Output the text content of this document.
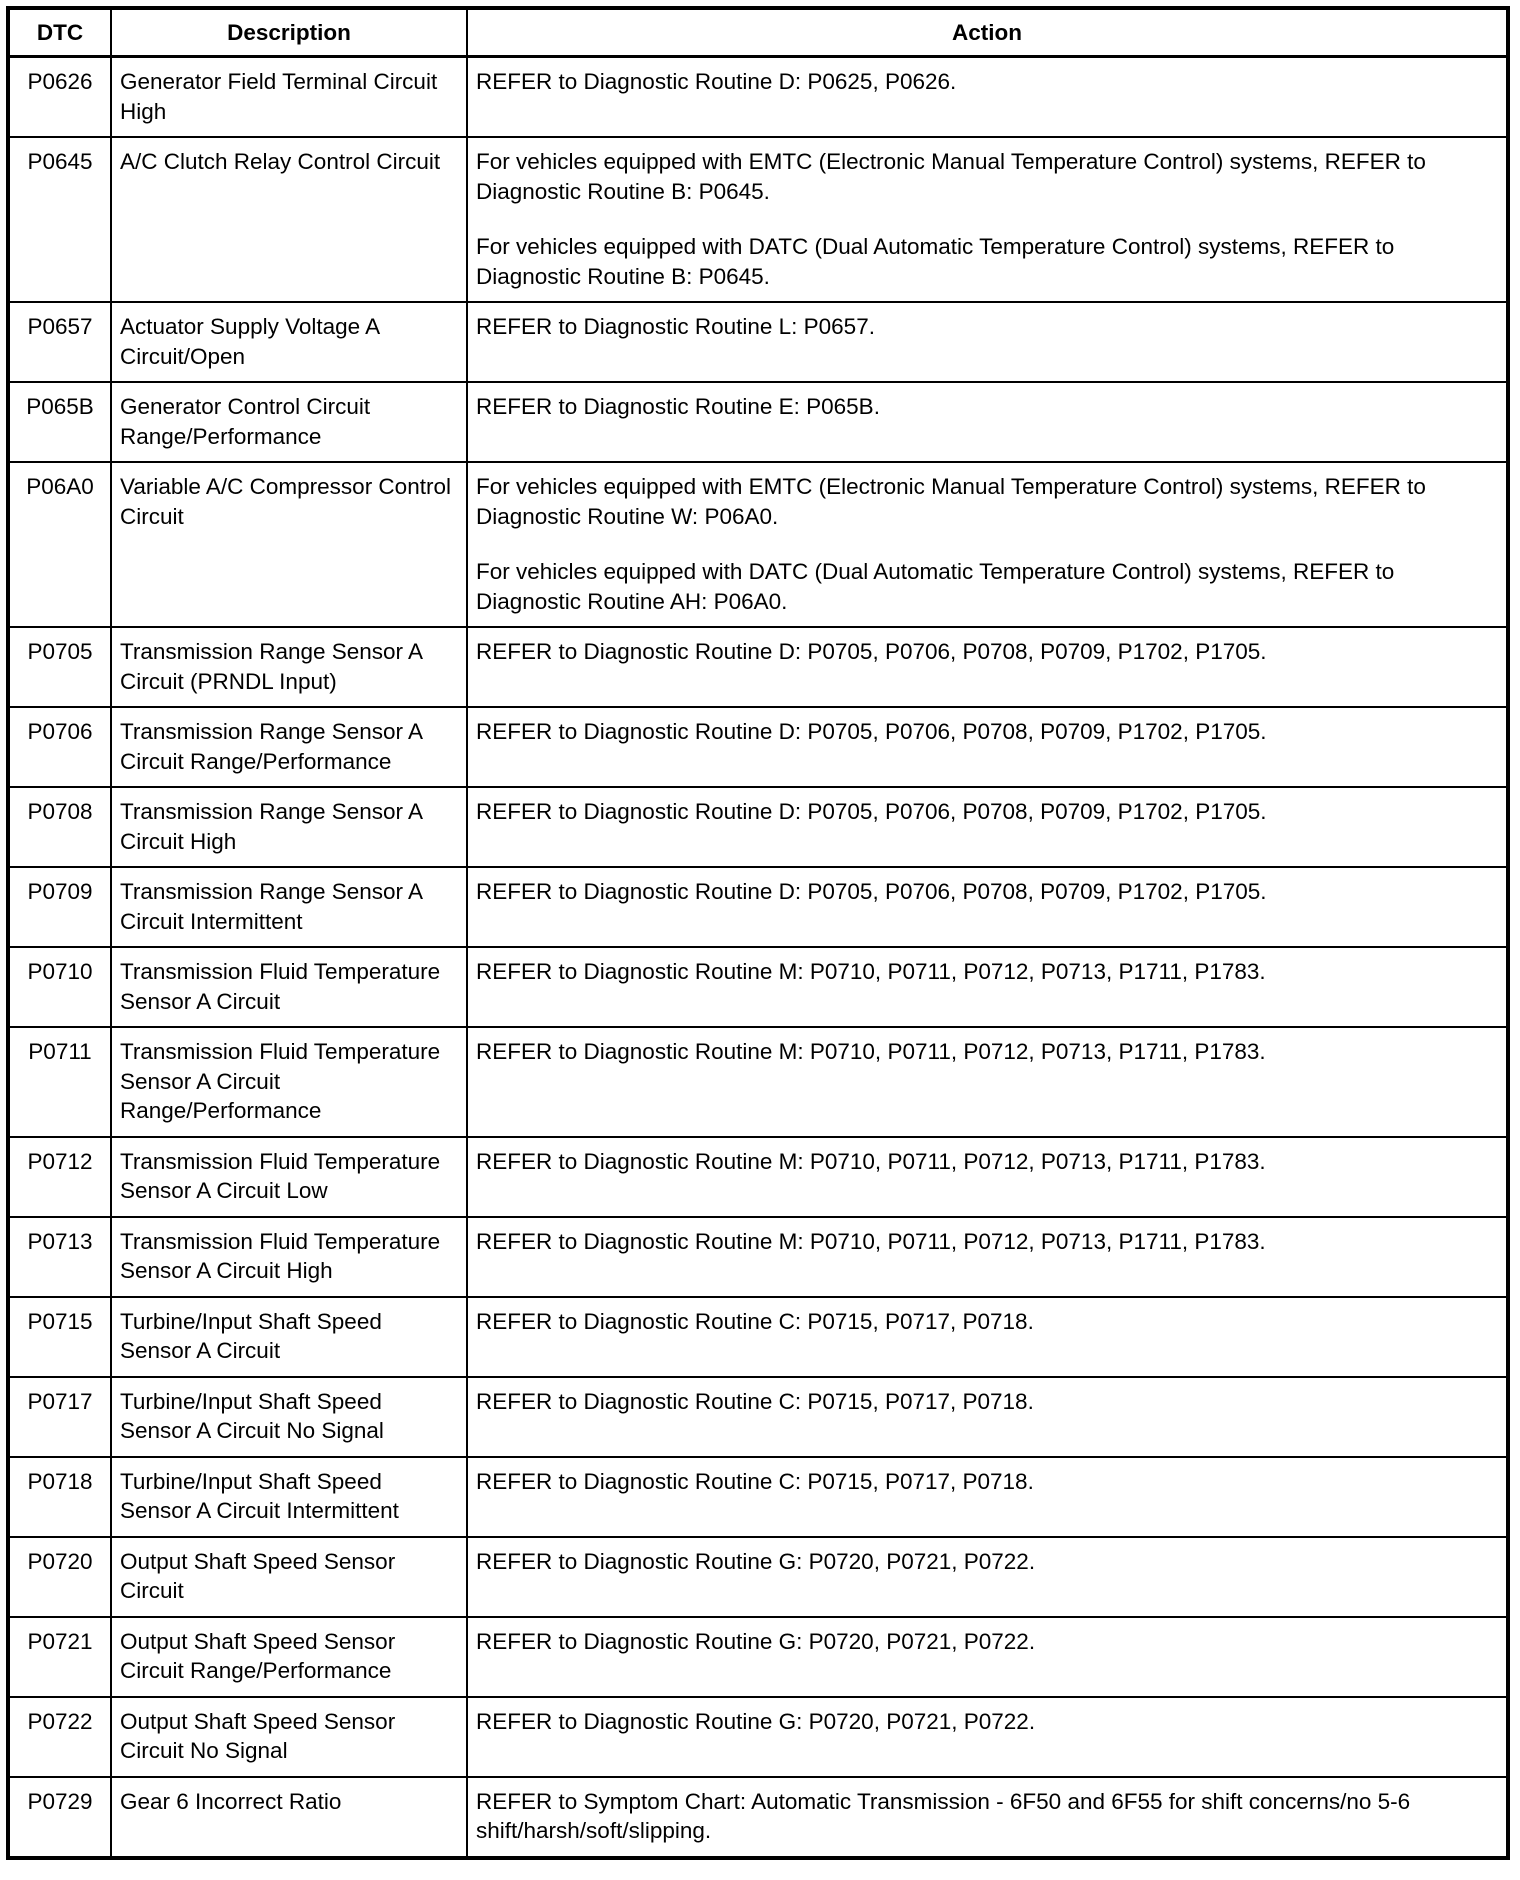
DTC	Description	Action
P0626	Generator Field Terminal Circuit High	REFER to Diagnostic Routine D: P0625, P0626.

P0645	A/C Clutch Relay Control Circuit	For vehicles equipped with EMTC (Electronic Manual Temperature Control) systems, REFER to Diagnostic Routine B: P0645.
For vehicles equipped with DATC (Dual Automatic Temperature Control) systems, REFER to Diagnostic Routine B: P0645.

P0657	Actuator Supply Voltage A Circuit/Open	REFER to Diagnostic Routine L: P0657.

P065B	Generator Control Circuit Range/Performance	REFER to Diagnostic Routine E: P065B.

P06A0	Variable A/C Compressor Control Circuit	For vehicles equipped with EMTC (Electronic Manual Temperature Control) systems, REFER to Diagnostic Routine W: P06A0.
For vehicles equipped with DATC (Dual Automatic Temperature Control) systems, REFER to Diagnostic Routine AH: P06A0.

P0705	Transmission Range Sensor A Circuit (PRNDL Input)	REFER to Diagnostic Routine D: P0705, P0706, P0708, P0709, P1702, P1705.

P0706	Transmission Range Sensor A Circuit Range/Performance	REFER to Diagnostic Routine D: P0705, P0706, P0708, P0709, P1702, P1705.

P0708	Transmission Range Sensor A Circuit High	REFER to Diagnostic Routine D: P0705, P0706, P0708, P0709, P1702, P1705.

P0709	Transmission Range Sensor A Circuit Intermittent	REFER to Diagnostic Routine D: P0705, P0706, P0708, P0709, P1702, P1705.

P0710	Transmission Fluid Temperature Sensor A Circuit	REFER to Diagnostic Routine M: P0710, P0711, P0712, P0713, P1711, P1783.

P0711	Transmission Fluid Temperature Sensor A Circuit Range/Performance	REFER to Diagnostic Routine M: P0710, P0711, P0712, P0713, P1711, P1783.

P0712	Transmission Fluid Temperature Sensor A Circuit Low	REFER to Diagnostic Routine M: P0710, P0711, P0712, P0713, P1711, P1783.

P0713	Transmission Fluid Temperature Sensor A Circuit High	REFER to Diagnostic Routine M: P0710, P0711, P0712, P0713, P1711, P1783.

P0715	Turbine/Input Shaft Speed Sensor A Circuit	REFER to Diagnostic Routine C: P0715, P0717, P0718.

P0717	Turbine/Input Shaft Speed Sensor A Circuit No Signal	REFER to Diagnostic Routine C: P0715, P0717, P0718.

P0718	Turbine/Input Shaft Speed Sensor A Circuit Intermittent	REFER to Diagnostic Routine C: P0715, P0717, P0718.

P0720	Output Shaft Speed Sensor Circuit	REFER to Diagnostic Routine G: P0720, P0721, P0722.

P0721	Output Shaft Speed Sensor Circuit Range/Performance	REFER to Diagnostic Routine G: P0720, P0721, P0722.

P0722	Output Shaft Speed Sensor Circuit No Signal	REFER to Diagnostic Routine G: P0720, P0721, P0722.

P0729	Gear 6 Incorrect Ratio	REFER to Symptom Chart: Automatic Transmission - 6F50 and 6F55 for shift concerns/no 5-6 shift/harsh/soft/slipping.
